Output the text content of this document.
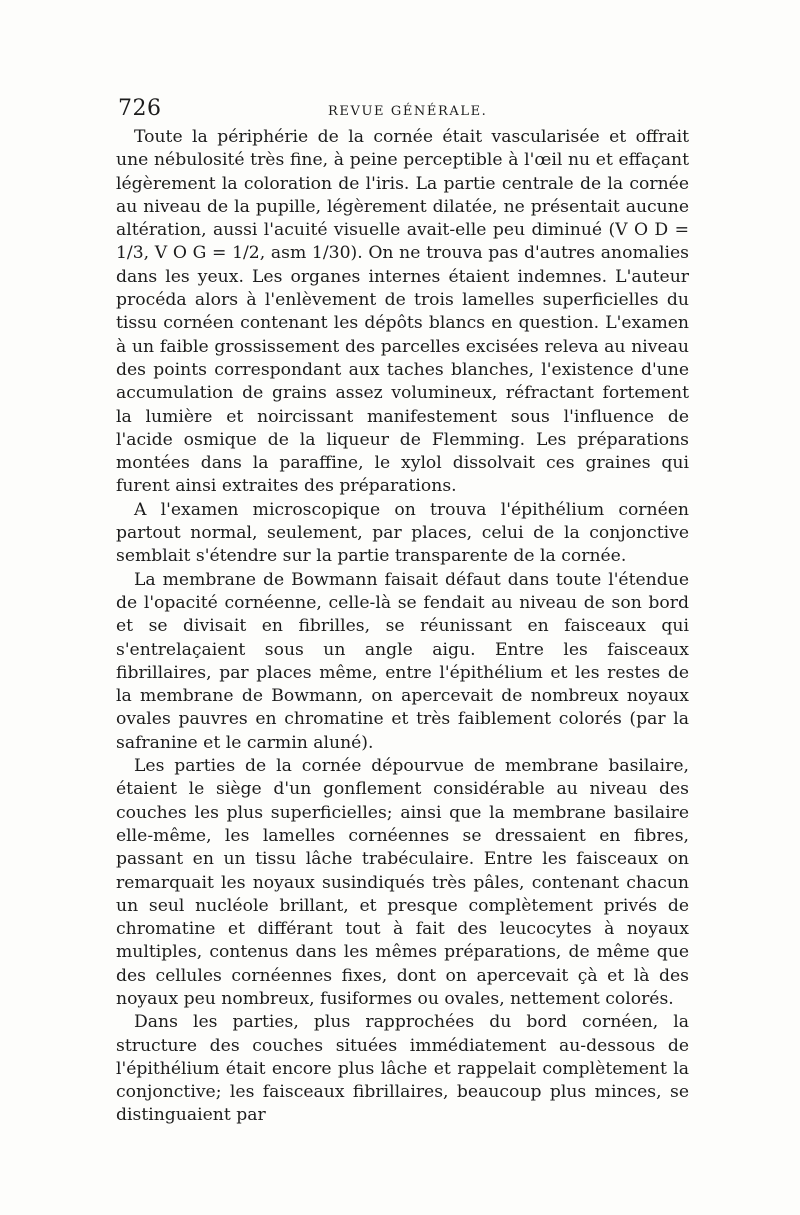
726	REVUE GÉNÉRALE.

Toute la périphérie de la cornée était vascularisée et offrait une nébulosité très fine, à peine perceptible à l'œil nu et effaçant légèrement la coloration de l'iris. La partie centrale de la cornée au niveau de la pupille, légèrement dilatée, ne présentait aucune altération, aussi l'acuité visuelle avait-elle peu diminué (V O D = 1/3, V O G = 1/2, asm 1/30). On ne trouva pas d'autres anomalies dans les yeux. Les organes internes étaient indemnes. L'auteur procéda alors à l'enlèvement de trois lamelles superficielles du tissu cornéen contenant les dépôts blancs en question. L'examen à un faible grossissement des parcelles excisées releva au niveau des points correspondant aux taches blanches, l'existence d'une accumulation de grains assez volumineux, réfractant fortement la lumière et noircissant manifestement sous l'influence de l'acide osmique de la liqueur de Flemming. Les préparations montées dans la paraffine, le xylol dissolvait ces graines qui furent ainsi extraites des préparations.

A l'examen microscopique on trouva l'épithélium cornéen partout normal, seulement, par places, celui de la conjonctive semblait s'étendre sur la partie transparente de la cornée.

La membrane de Bowmann faisait défaut dans toute l'étendue de l'opacité cornéenne, celle-là se fendait au niveau de son bord et se divisait en fibrilles, se réunissant en faisceaux qui s'entrelaçaient sous un angle aigu. Entre les faisceaux fibrillaires, par places même, entre l'épithélium et les restes de la membrane de Bowmann, on apercevait de nombreux noyaux ovales pauvres en chromatine et très faiblement colorés (par la safranine et le carmin aluné).

Les parties de la cornée dépourvue de membrane basilaire, étaient le siège d'un gonflement considérable au niveau des couches les plus superficielles; ainsi que la membrane basilaire elle-même, les lamelles cornéennes se dressaient en fibres, passant en un tissu lâche trabéculaire. Entre les faisceaux on remarquait les noyaux susindiqués très pâles, contenant chacun un seul nucléole brillant, et presque complètement privés de chromatine et différant tout à fait des leucocytes à noyaux multiples, contenus dans les mêmes préparations, de même que des cellules cornéennes fixes, dont on apercevait çà et là des noyaux peu nombreux, fusiformes ou ovales, nettement colorés.

Dans les parties, plus rapprochées du bord cornéen, la structure des couches situées immédiatement au-dessous de l'épithélium était encore plus lâche et rappelait complètement la conjonctive; les faisceaux fibrillaires, beaucoup plus minces, se distinguaient par
